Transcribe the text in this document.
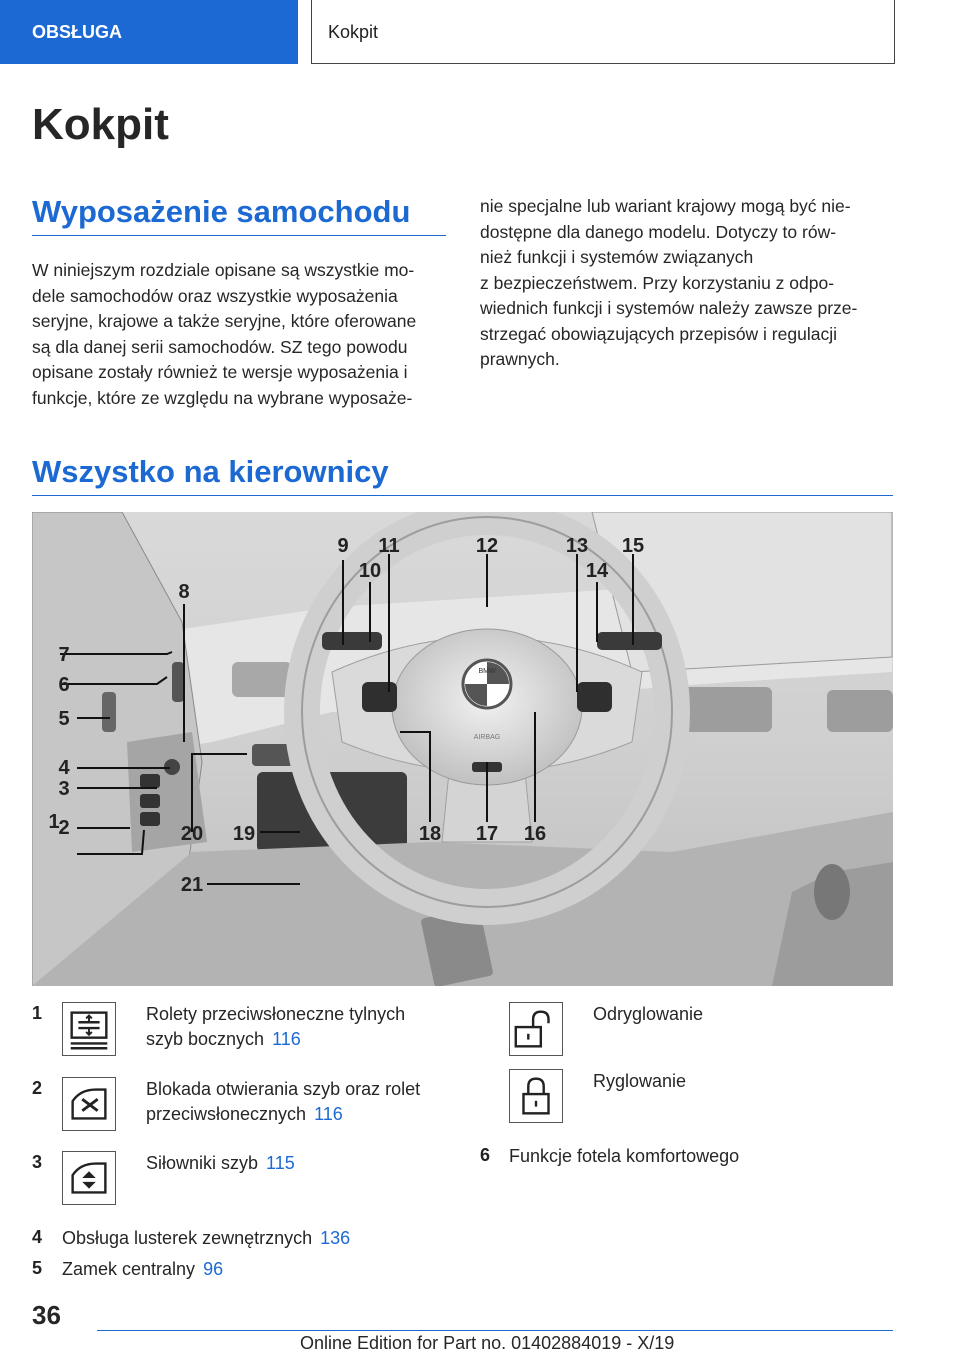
OBSŁUGA	Kokpit
Kokpit
Wyposażenie samochodu
W niniejszym rozdziale opisane są wszystkie mo‐
dele samochodów oraz wszystkie wyposażenia
seryjne, krajowe a także seryjne, które oferowane
są dla danej serii samochodów. SZ tego powodu
opisane zostały również te wersje wyposażenia i
funkcje, które ze względu na wybrane wyposaże‐
nie specjalne lub wariant krajowy mogą być nie‐
dostępne dla danego modelu. Dotyczy to rów‐
nież funkcji i systemów związanych
z bezpieczeństwem. Przy korzystaniu z odpo‐
wiednich funkcji i systemów należy zawsze prze‐
strzegać obowiązujących przepisów i regulacji
prawnych.
Wszystko na kierownicy
BMW
AIRBAG
1
2
3
4
5
6
7
8
9
10
11	12	13
14
15
16
17
18
19
20
21
1	Rolety przeciwsłoneczne tylnych
szyb bocznych 116
2	Blokada otwierania szyb oraz rolet
przeciwsłonecznych 116
3	Siłowniki szyb 115
4 Obsługa lusterek zewnętrznych 136
5 Zamek centralny 96
Odryglowanie
Ryglowanie
6 Funkcje fotela komfortowego
36
Online Edition for Part no. 01402884019 - X/19
